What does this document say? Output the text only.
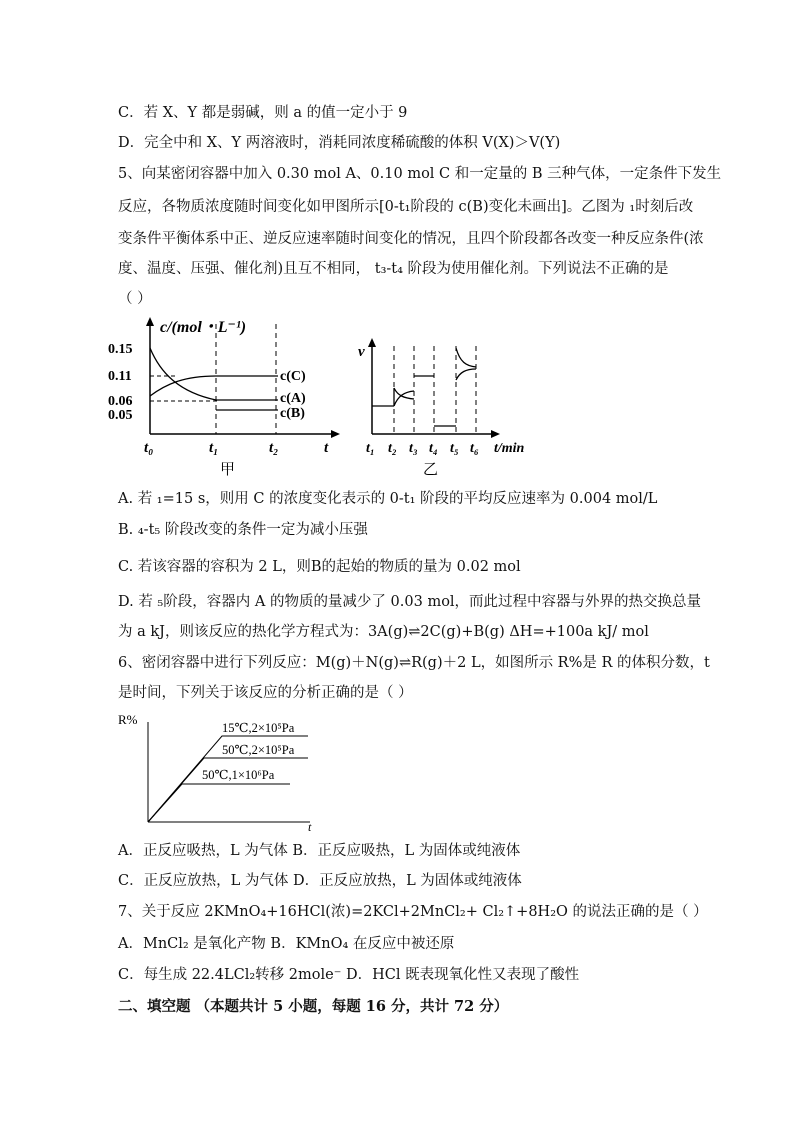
C．若 X、Y 都是弱碱，则 a 的值一定小于 9
D．完全中和 X、Y 两溶液时，消耗同浓度稀硫酸的体积 V(X)＞V(Y)
5、向某密闭容器中加入 0.30 mol A、0.10 mol C 和一定量的 B 三种气体，一定条件下发生
反应，各物质浓度随时间变化如甲图所示[0-t₁阶段的 c(B)变化未画出]。乙图为 ₁时刻后改
变条件平衡体系中正、逆反应速率随时间变化的情况，且四个阶段都各改变一种反应条件(浓
度、温度、压强、催化剂)且互不相同， t₃-t₄ 阶段为使用催化剂。下列说法不正确的是
（ ）
c/(mol・L⁻¹)
0.15
0.11
0.06
0.05
c(C)
c(A)
c(B)
t₀	t₁	t₂	t
甲
v
t₁ t₂ t₃ t₄ t₅ t₆ t/min
乙
A. 若 ₁=15 s，则用 C 的浓度变化表示的 0-t₁ 阶段的平均反应速率为 0.004 mol/L
B. ₄-t₅ 阶段改变的条件一定为减小压强
C. 若该容器的容积为 2 L，则B的起始的物质的量为 0.02 mol
D. 若 ₅阶段，容器内 A 的物质的量减少了 0.03 mol，而此过程中容器与外界的热交换总量
为 a kJ，则该反应的热化学方程式为：3A(g)⇌2C(g)+B(g) ΔH=+100a kJ/ mol
6、密闭容器中进行下列反应：M(g)＋N(g)⇌R(g)＋2 L，如图所示 R%是 R 的体积分数，t
是时间，下列关于该反应的分析正确的是（ ）
R%
t
15℃,2×10⁵Pa
50℃,2×10⁵Pa
50℃,1×10⁶Pa
A．正反应吸热，L 为气体 B．正反应吸热，L 为固体或纯液体
C．正反应放热，L 为气体 D．正反应放热，L 为固体或纯液体
7、关于反应 2KMnO₄+16HCl(浓)=2KCl+2MnCl₂+ Cl₂↑+8H₂O 的说法正确的是（ ）
A．MnCl₂ 是氧化产物 B．KMnO₄ 在反应中被还原
C．每生成 22.4LCl₂转移 2mole⁻ D．HCl 既表现氧化性又表现了酸性
二、填空题 （本题共计 5 小题，每题 16 分，共计 72 分）
